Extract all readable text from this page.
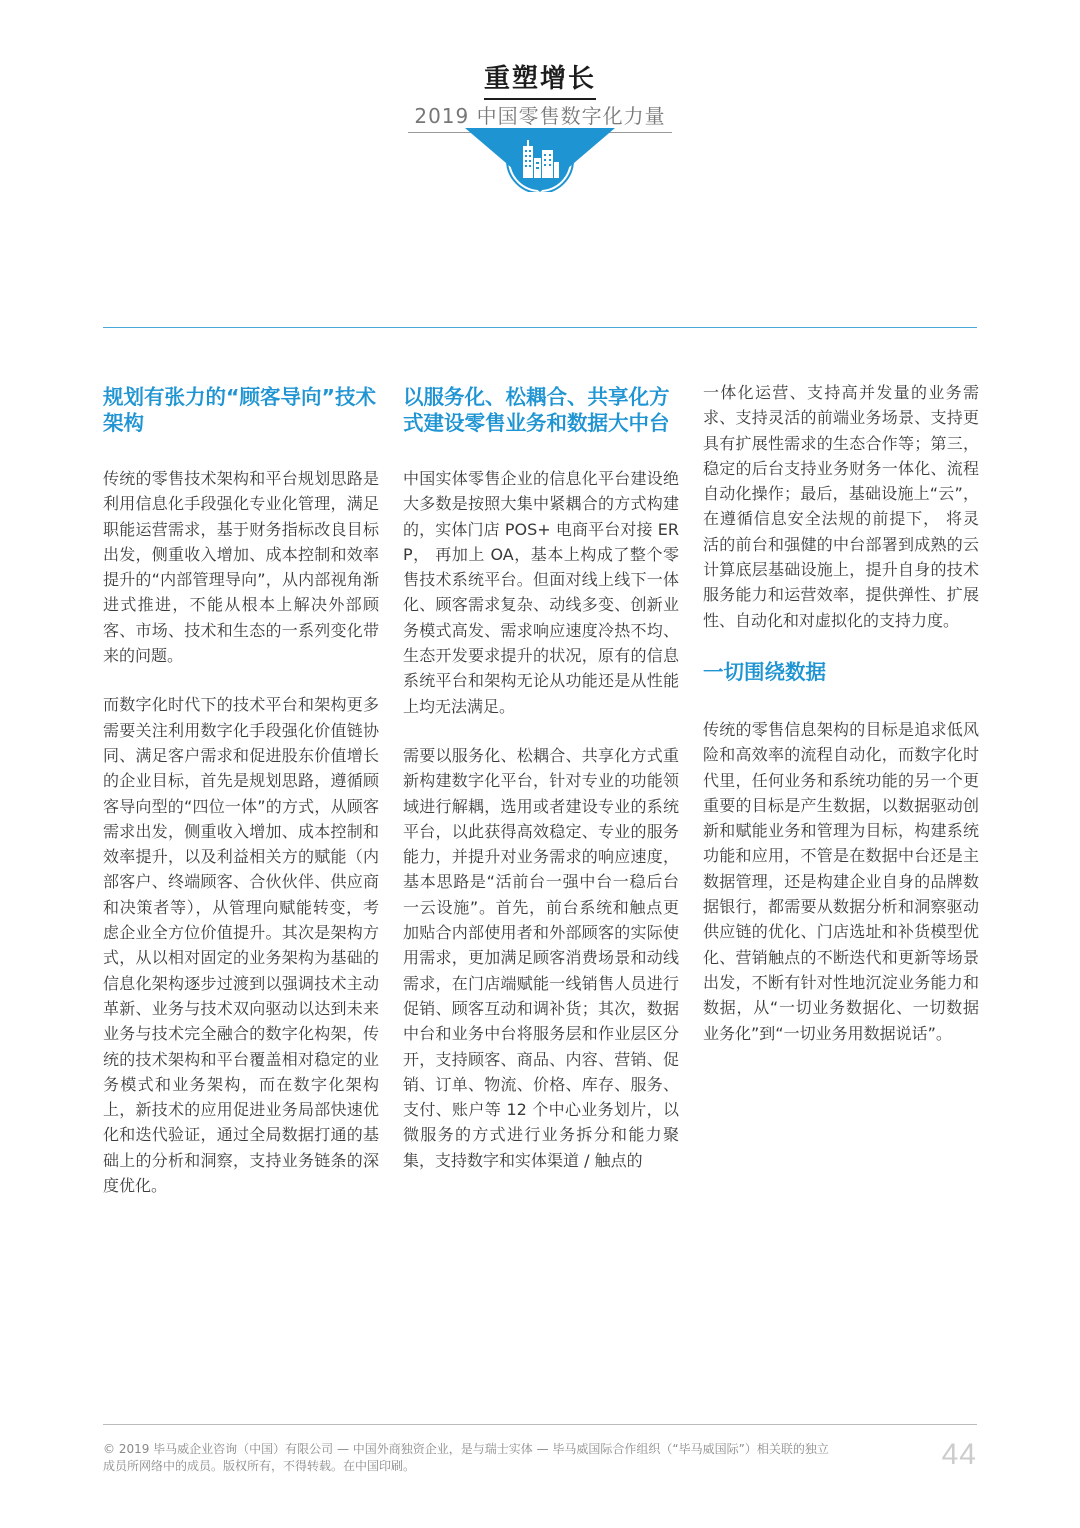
重塑增长
2019 中国零售数字化力量
规划有张力的“顾客导向”技术架构

传统的零售技术架构和平台规划思路是利用信息化手段强化专业化管理，满足职能运营需求，基于财务指标改良目标出发，侧重收入增加、成本控制和效率提升的“内部管理导向”，从内部视角渐进式推进，不能从根本上解决外部顾客、市场、技术和生态的一系列变化带来的问题。

而数字化时代下的技术平台和架构更多需要关注利用数字化手段强化价值链协同、满足客户需求和促进股东价值增长的企业目标，首先是规划思路，遵循顾客导向型的“四位一体”的方式，从顾客需求出发，侧重收入增加、成本控制和效率提升，以及利益相关方的赋能（内部客户、终端顾客、合伙伙伴、供应商和决策者等），从管理向赋能转变，考虑企业全方位价值提升。其次是架构方式，从以相对固定的业务架构为基础的信息化架构逐步过渡到以强调技术主动革新、业务与技术双向驱动以达到未来业务与技术完全融合的数字化构架，传统的技术架构和平台覆盖相对稳定的业务模式和业务架构，而在数字化架构上，新技术的应用促进业务局部快速优化和迭代验证，通过全局数据打通的基础上的分析和洞察，支持业务链条的深度优化。

以服务化、松耦合、共享化方式建设零售业务和数据大中台

中国实体零售企业的信息化平台建设绝大多数是按照大集中紧耦合的方式构建的，实体门店 POS+ 电商平台对接 ERP， 再加上 OA，基本上构成了整个零售技术系统平台。但面对线上线下一体化、顾客需求复杂、动线多变、创新业务模式高发、需求响应速度冷热不均、生态开发要求提升的状况，原有的信息系统平台和架构无论从功能还是从性能上均无法满足。

需要以服务化、松耦合、共享化方式重新构建数字化平台，针对专业的功能领域进行解耦，选用或者建设专业的系统平台，以此获得高效稳定、专业的服务能力，并提升对业务需求的响应速度，基本思路是“活前台一强中台一稳后台一云设施”。首先，前台系统和触点更加贴合内部使用者和外部顾客的实际使用需求，更加满足顾客消费场景和动线需求，在门店端赋能一线销售人员进行促销、顾客互动和调补货；其次，数据中台和业务中台将服务层和作业层区分开，支持顾客、商品、内容、营销、促销、订单、物流、价格、库存、服务、支付、账户等 12 个中心业务划片，以微服务的方式进行业务拆分和能力聚集，支持数字和实体渠道 / 触点的

一体化运营、支持高并发量的业务需求、支持灵活的前端业务场景、支持更具有扩展性需求的生态合作等；第三，稳定的后台支持业务财务一体化、流程自动化操作；最后，基础设施上“云”，在遵循信息安全法规的前提下， 将灵活的前台和强健的中台部署到成熟的云计算底层基础设施上，提升自身的技术服务能力和运营效率，提供弹性、扩展性、自动化和对虚拟化的支持力度。

一切围绕数据

传统的零售信息架构的目标是追求低风险和高效率的流程自动化，而数字化时代里，任何业务和系统功能的另一个更重要的目标是产生数据，以数据驱动创新和赋能业务和管理为目标，构建系统功能和应用，不管是在数据中台还是主数据管理，还是构建企业自身的品牌数据银行，都需要从数据分析和洞察驱动供应链的优化、门店选址和补货模型优化、营销触点的不断迭代和更新等场景出发，不断有针对性地沉淀业务能力和数据，从“一切业务数据化、一切数据业务化”到“一切业务用数据说话”。

© 2019 毕马威企业咨询（中国）有限公司 — 中国外商独资企业，是与瑞士实体 — 毕马威国际合作组织（“毕马威国际”）相关联的独立
成员所网络中的成员。版权所有，不得转载。在中国印刷。	44
